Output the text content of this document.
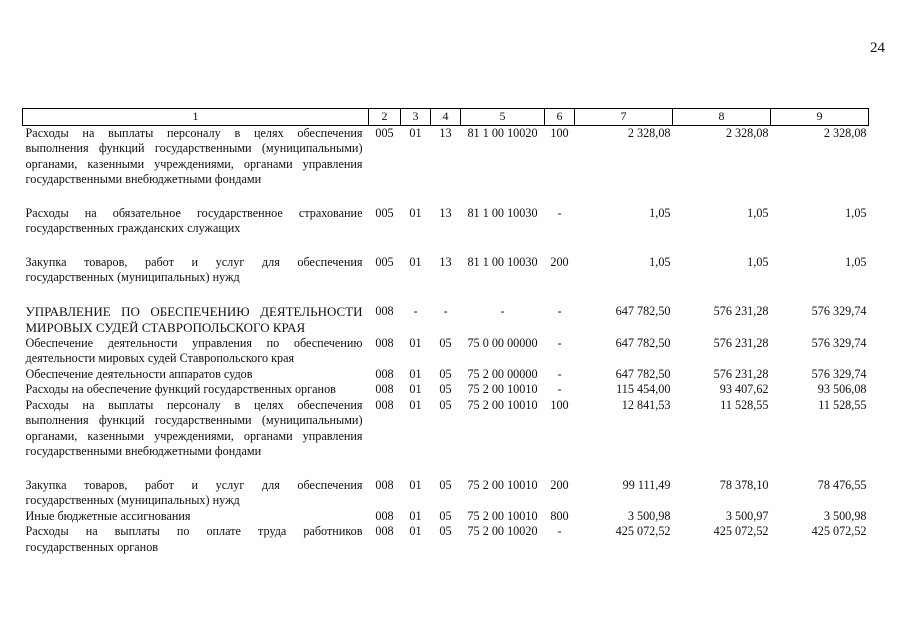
24
1	2	3	4	5	6	7	8	9
Расходы на выплаты персоналу в целях обеспечения выполнения функций государственными (муниципальными) органами, казенными учреждениями, органами управления государственными внебюджетными фондами	005	01	13	81 1 00 10020	100	2 328,08	2 328,08	2 328,08
Расходы на обязательное государственное страхование государственных гражданских служащих	005	01	13	81 1 00 10030	-	1,05	1,05	1,05
Закупка товаров, работ и услуг для обеспечения государственных (муниципальных) нужд	005	01	13	81 1 00 10030	200	1,05	1,05	1,05
УПРАВЛЕНИЕ ПО ОБЕСПЕЧЕНИЮ ДЕЯТЕЛЬНОСТИ МИРОВЫХ СУДЕЙ СТАВРОПОЛЬСКОГО КРАЯ	008	-	-	-	-	647 782,50	576 231,28	576 329,74
Обеспечение деятельности управления по обеспечению деятельности мировых судей Ставропольского края	008	01	05	75 0 00 00000	-	647 782,50	576 231,28	576 329,74
Обеспечение деятельности аппаратов судов	008	01	05	75 2 00 00000	-	647 782,50	576 231,28	576 329,74
Расходы на обеспечение функций государственных органов	008	01	05	75 2 00 10010	-	115 454,00	93 407,62	93 506,08
Расходы на выплаты персоналу в целях обеспечения выполнения функций государственными (муниципальными) органами, казенными учреждениями, органами управления государственными внебюджетными фондами	008	01	05	75 2 00 10010	100	12 841,53	11 528,55	11 528,55
Закупка товаров, работ и услуг для обеспечения государственных (муниципальных) нужд	008	01	05	75 2 00 10010	200	99 111,49	78 378,10	78 476,55
Иные бюджетные ассигнования	008	01	05	75 2 00 10010	800	3 500,98	3 500,97	3 500,98
Расходы на выплаты по оплате труда работников государственных органов	008	01	05	75 2 00 10020	-	425 072,52	425 072,52	425 072,52
